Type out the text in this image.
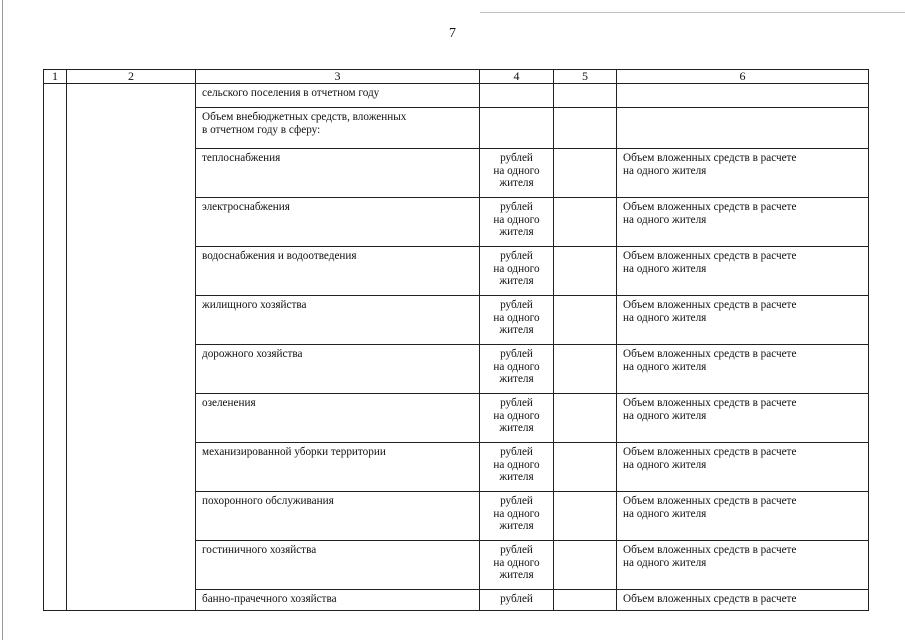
7
1	2	3	4	5	6
		сельского поселения в отчетном году			
		Объем внебюджетных средств, вложенных
в отчетном году в сферу:			
		теплоснабжения	рублей
на одного
жителя		Объем вложенных средств в расчете
на одного жителя
		электроснабжения	рублей
на одного
жителя		Объем вложенных средств в расчете
на одного жителя
		водоснабжения и водоотведения	рублей
на одного
жителя		Объем вложенных средств в расчете
на одного жителя
		жилищного хозяйства	рублей
на одного
жителя		Объем вложенных средств в расчете
на одного жителя
		дорожного хозяйства	рублей
на одного
жителя		Объем вложенных средств в расчете
на одного жителя
		озеленения	рублей
на одного
жителя		Объем вложенных средств в расчете
на одного жителя
		механизированной уборки территории	рублей
на одного
жителя		Объем вложенных средств в расчете
на одного жителя
		похоронного обслуживания	рублей
на одного
жителя		Объем вложенных средств в расчете
на одного жителя
		гостиничного хозяйства	рублей
на одного
жителя		Объем вложенных средств в расчете
на одного жителя
		банно-прачечного хозяйства	рублей		Объем вложенных средств в расчете
